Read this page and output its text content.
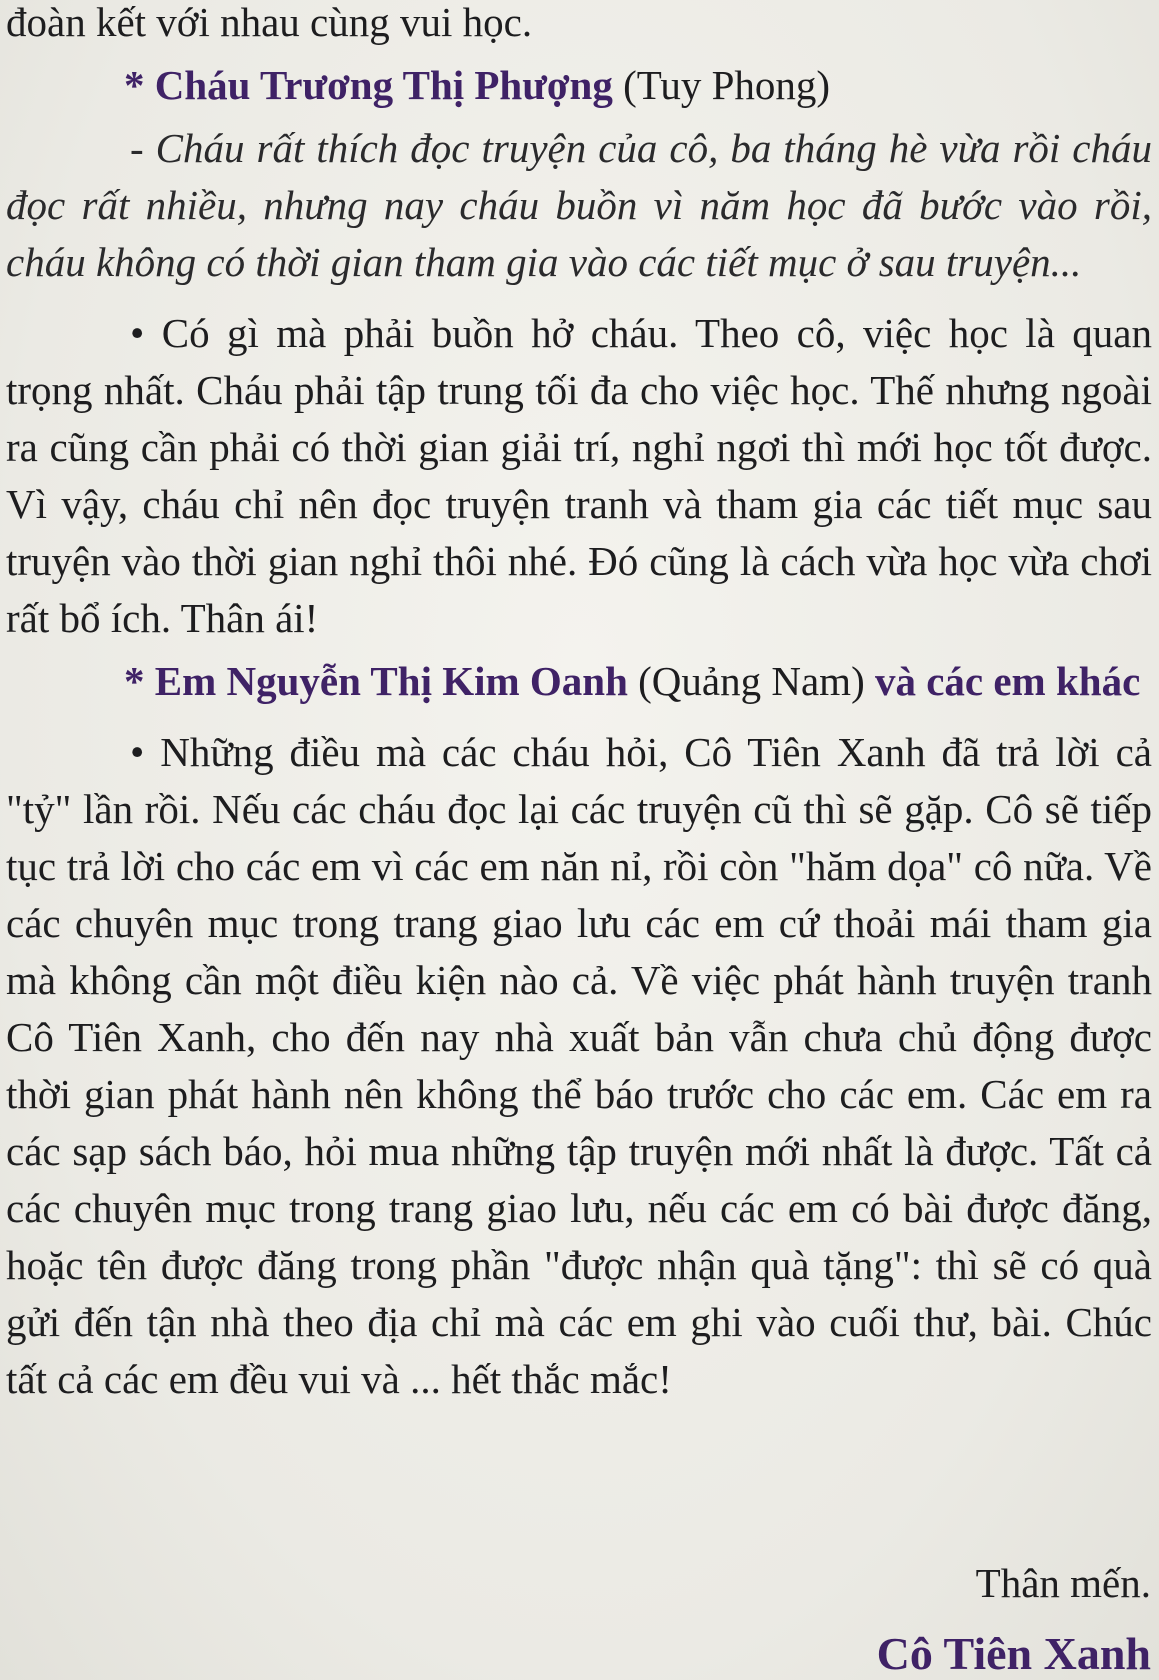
đoàn kết với nhau cùng vui học.

* Cháu Trương Thị Phượng (Tuy Phong)

- Cháu rất thích đọc truyện của cô, ba tháng hè vừa rồi cháu đọc rất nhiều, nhưng nay cháu buồn vì năm học đã bước vào rồi, cháu không có thời gian tham gia vào các tiết mục ở sau truyện...

• Có gì mà phải buồn hở cháu. Theo cô, việc học là quan trọng nhất. Cháu phải tập trung tối đa cho việc học. Thế nhưng ngoài ra cũng cần phải có thời gian giải trí, nghỉ ngơi thì mới học tốt được. Vì vậy, cháu chỉ nên đọc truyện tranh và tham gia các tiết mục sau truyện vào thời gian nghỉ thôi nhé. Đó cũng là cách vừa học vừa chơi rất bổ ích. Thân ái!

* Em Nguyễn Thị Kim Oanh (Quảng Nam) và các em khác

• Những điều mà các cháu hỏi, Cô Tiên Xanh đã trả lời cả "tỷ" lần rồi. Nếu các cháu đọc lại các truyện cũ thì sẽ gặp. Cô sẽ tiếp tục trả lời cho các em vì các em năn nỉ, rồi còn "hăm dọa" cô nữa. Về các chuyên mục trong trang giao lưu các em cứ thoải mái tham gia mà không cần một điều kiện nào cả. Về việc phát hành truyện tranh Cô Tiên Xanh, cho đến nay nhà xuất bản vẫn chưa chủ động được thời gian phát hành nên không thể báo trước cho các em. Các em ra các sạp sách báo, hỏi mua những tập truyện mới nhất là được. Tất cả các chuyên mục trong trang giao lưu, nếu các em có bài được đăng, hoặc tên được đăng trong phần "được nhận quà tặng": thì sẽ có quà gửi đến tận nhà theo địa chỉ mà các em ghi vào cuối thư, bài. Chúc tất cả các em đều vui và ... hết thắc mắc!

Thân mến.
Cô Tiên Xanh
